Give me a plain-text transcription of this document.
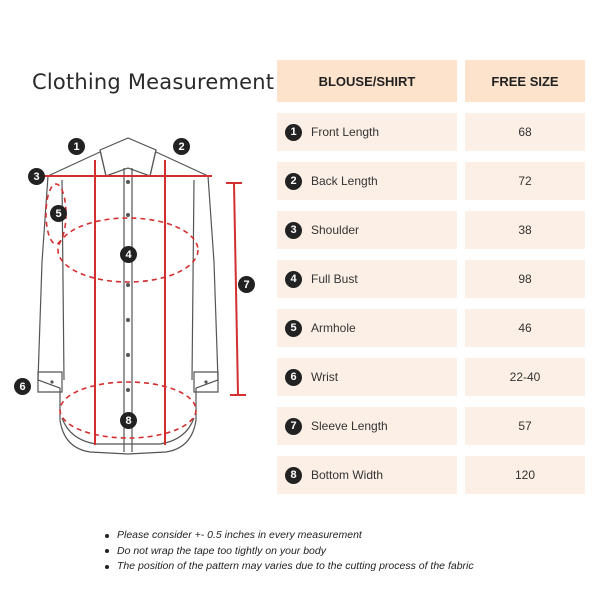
Clothing Measurement
1	2
3
4
5
6
7
8
BLOUSE/SHIRT	FREE SIZE
1	Front Length	68
2	Back Length	72
3	Shoulder	38
4	Full Bust	98
5	Armhole	46
6	Wrist	22-40
7	Sleeve Length	57
8	Bottom Width	120
Please consider +- 0.5 inches in every measurement
Do not wrap the tape too tightly on your body
The position of the pattern may varies due to the cutting process of the fabric
